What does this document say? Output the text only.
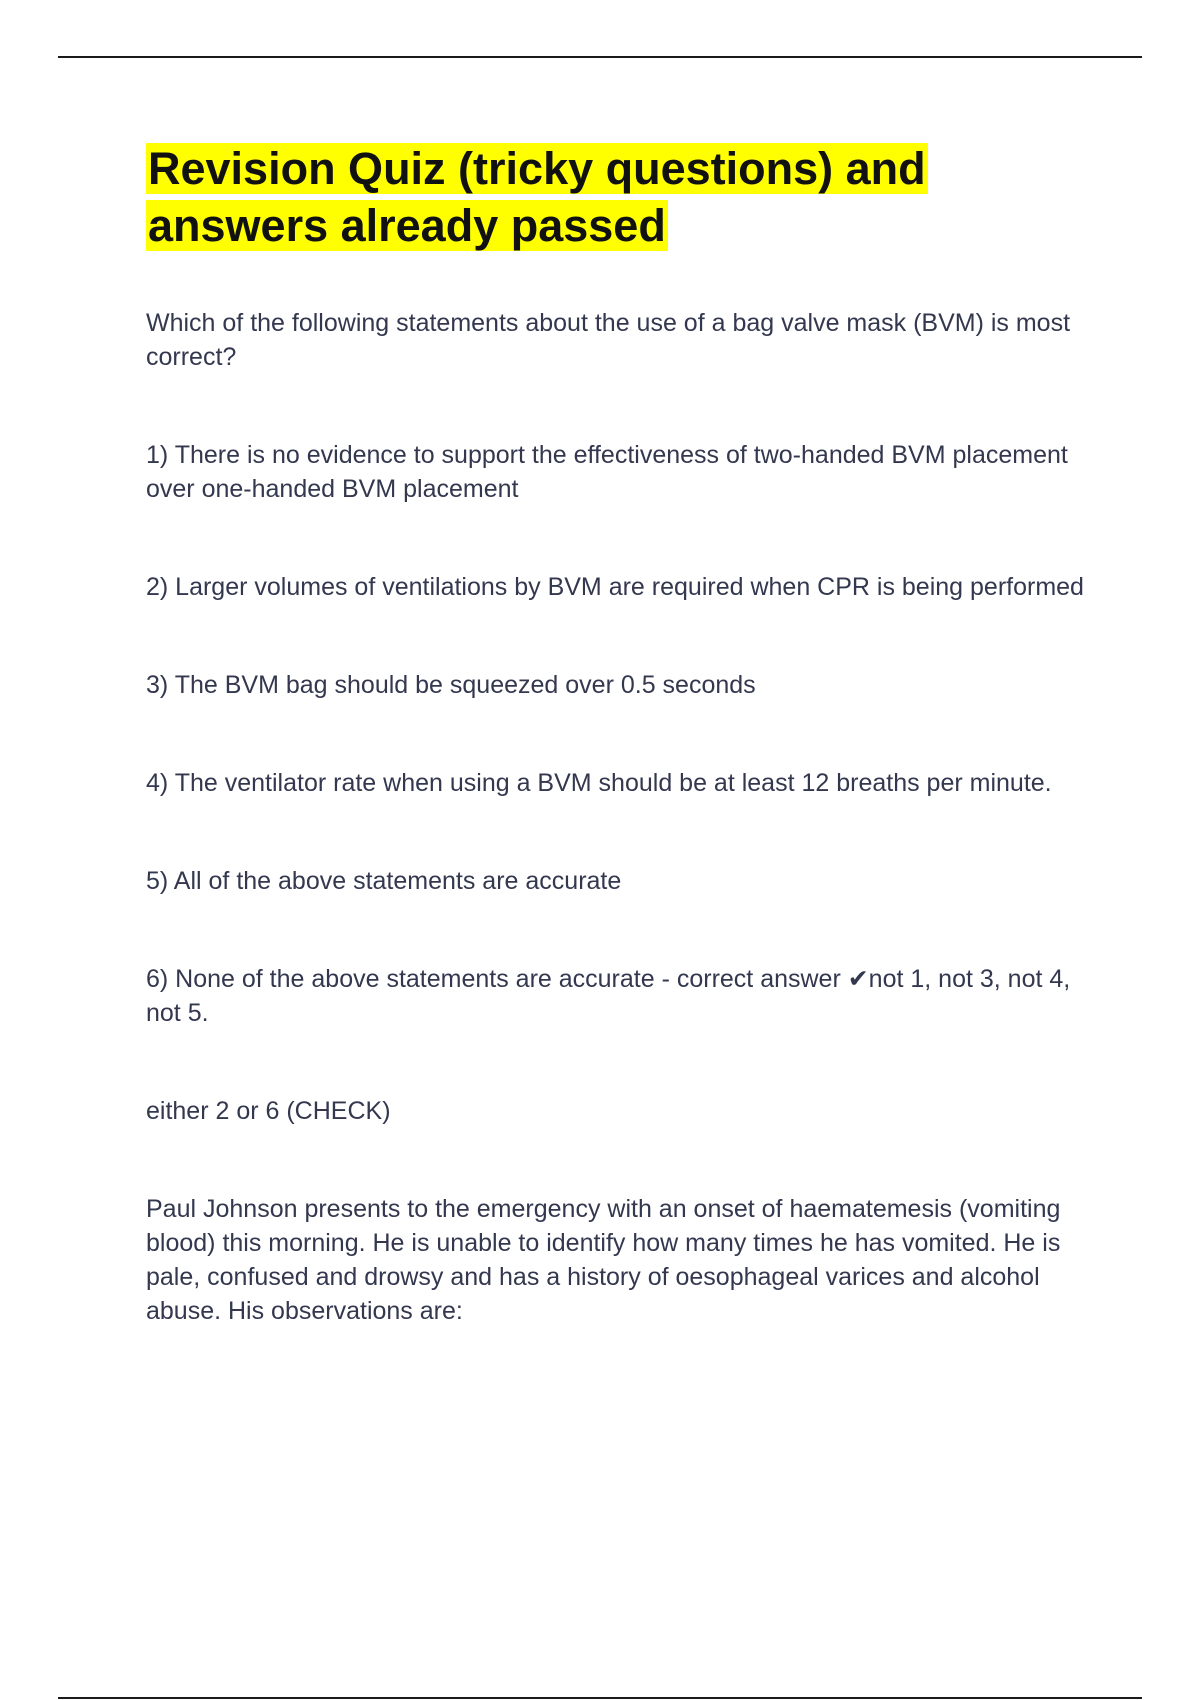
Revision Quiz (tricky questions) and answers already passed

Which of the following statements about the use of a bag valve mask (BVM) is most correct?

1) There is no evidence to support the effectiveness of two-handed BVM placement over one-handed BVM placement

2) Larger volumes of ventilations by BVM are required when CPR is being performed

3) The BVM bag should be squeezed over 0.5 seconds

4) The ventilator rate when using a BVM should be at least 12 breaths per minute.

5) All of the above statements are accurate

6) None of the above statements are accurate - correct answer ✔not 1, not 3, not 4, not 5.

either 2 or 6 (CHECK)

Paul Johnson presents to the emergency with an onset of haematemesis (vomiting blood) this morning. He is unable to identify how many times he has vomited. He is pale, confused and drowsy and has a history of oesophageal varices and alcohol abuse. His observations are:
